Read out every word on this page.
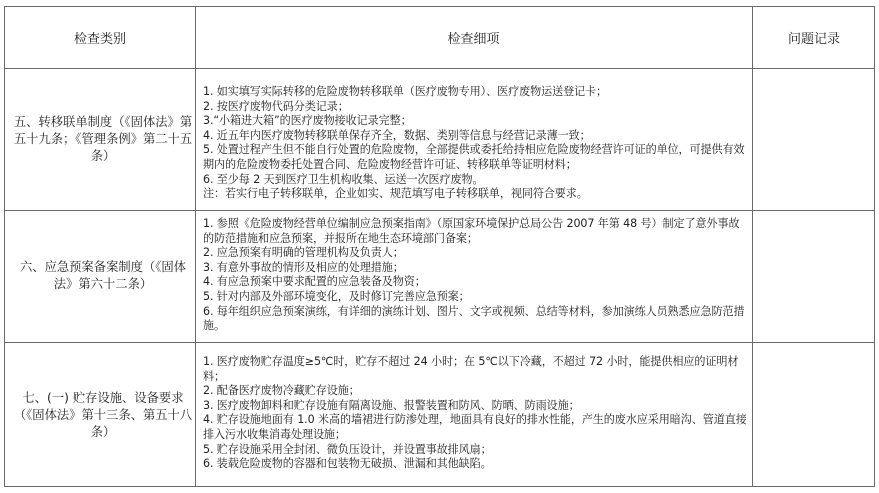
检查类别	检查细项	问题记录
五、转移联单制度（《固体法》第五十九条；《管理条例》第二十五条）
1. 如实填写实际转移的危险废物转移联单（医疗废物专用）、医疗废物运送登记卡；
2. 按医疗废物代码分类记录；
3.“小箱进大箱”的医疗废物接收记录完整；
4. 近五年内医疗废物转移联单保存齐全，数据、类别等信息与经营记录薄一致；
5. 处置过程产生但不能自行处置的危险废物，全部提供或委托给持相应危险废物经营许可证的单位，可提供有效期内的危险废物委托处置合同、危险废物经营许可证、转移联单等证明材料；
6. 至少每 2 天到医疗卫生机构收集、运送一次医疗废物。
注：若实行电子转移联单，企业如实、规范填写电子转移联单，视同符合要求。
六、应急预案备案制度（《固体法》第六十二条）
1. 参照《危险废物经营单位编制应急预案指南》（原国家环境保护总局公告 2007 年第 48 号）制定了意外事故的防范措施和应急预案，并报所在地生态环境部门备案；
2. 应急预案有明确的管理机构及负责人；
3. 有意外事故的情形及相应的处理措施；
4. 有应急预案中要求配置的应急装备及物资；
5. 针对内部及外部环境变化，及时修订完善应急预案；
6. 每年组织应急预案演练，有详细的演练计划、图片、文字或视频、总结等材料，参加演练人员熟悉应急防范措施。
七、(一) 贮存设施、设备要求（《固体法》第十三条、第五十八条）
1. 医疗废物贮存温度≥5℃时，贮存不超过 24 小时；在 5℃以下冷藏，不超过 72 小时，能提供相应的证明材料；
2. 配备医疗废物冷藏贮存设施；
3. 医疗废物卸料和贮存设施有隔离设施、报警装置和防风、防晒、防雨设施；
4. 贮存设施地面有 1.0 米高的墙裙进行防渗处理，地面具有良好的排水性能，产生的废水应采用暗沟、管道直接排入污水收集消毒处理设施；
5. 贮存设施采用全封闭、微负压设计，并设置事故排风扇；
6. 装载危险废物的容器和包装物无破损、泄漏和其他缺陷。
